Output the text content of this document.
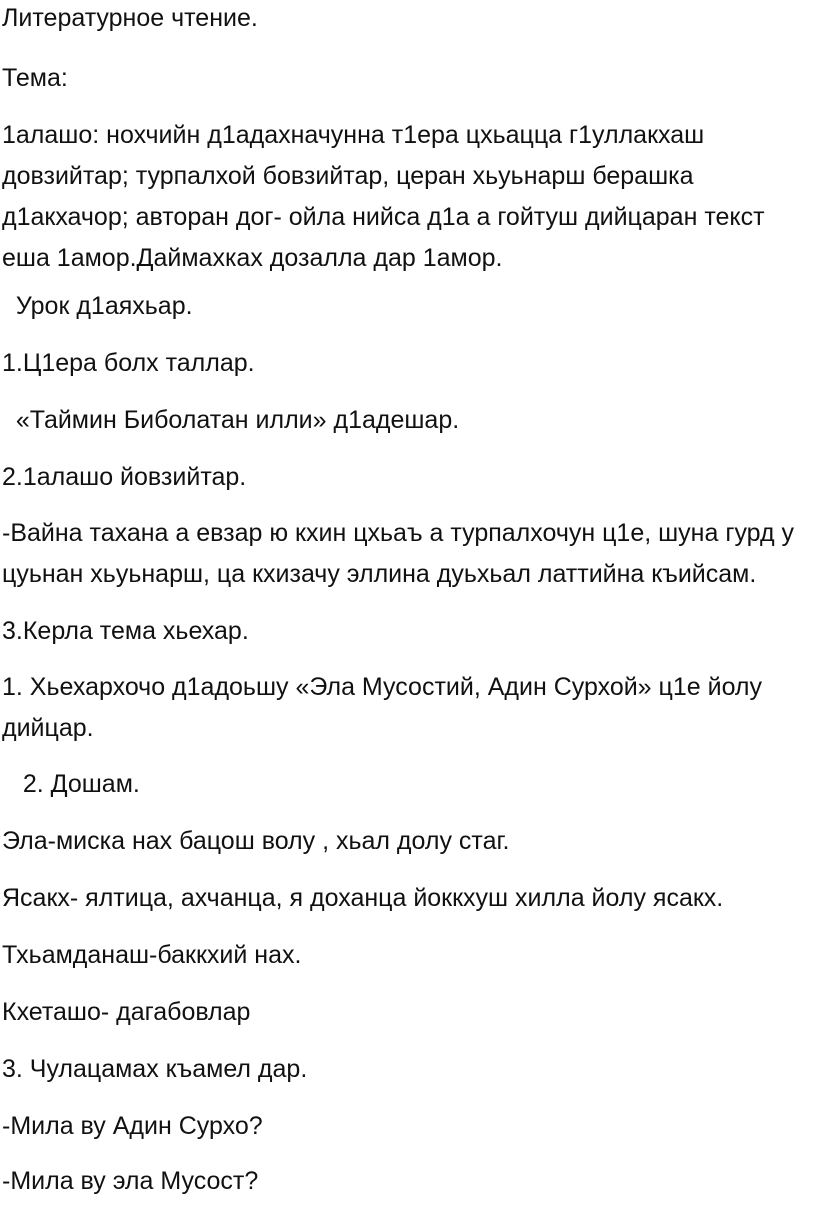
Литературное чтение.
Тема:
1алашо: нохчийн д1адахначунна т1ера цхьацца г1уллакхаш довзийтар; турпалхой бовзийтар, церан хьуьнарш берашка д1акхачор; авторан дог- ойла нийса д1а а гойтуш дийцаран текст еша 1амор.Даймахках дозалла дар 1амор.
Урок д1аяхьар.
1.Ц1ера болх таллар.
«Таймин Биболатан илли» д1адешар.
2.1алашо йовзийтар.
-Вайна тахана а евзар ю кхин цхьаъ а турпалхочун ц1е, шуна гурд у цуьнан хьуьнарш, ца кхизачу эллина дуьхьал латтийна къийсам.
3.Керла тема хьехар.
1. Хьехархочо д1адоьшу «Эла Мусостий, Адин Сурхой» ц1е йолу дийцар.
2. Дошам.
Эла-миска нах бацош волу , хьал долу стаг.
Ясакх- ялтица, ахчанца, я доханца йоккхуш хилла йолу ясакх.
Тхьамданаш-баккхий нах.
Кхеташо- дагабовлар
3. Чулацамах къамел дар.
-Мила ву Адин Сурхо?
-Мила ву эла Мусост?
